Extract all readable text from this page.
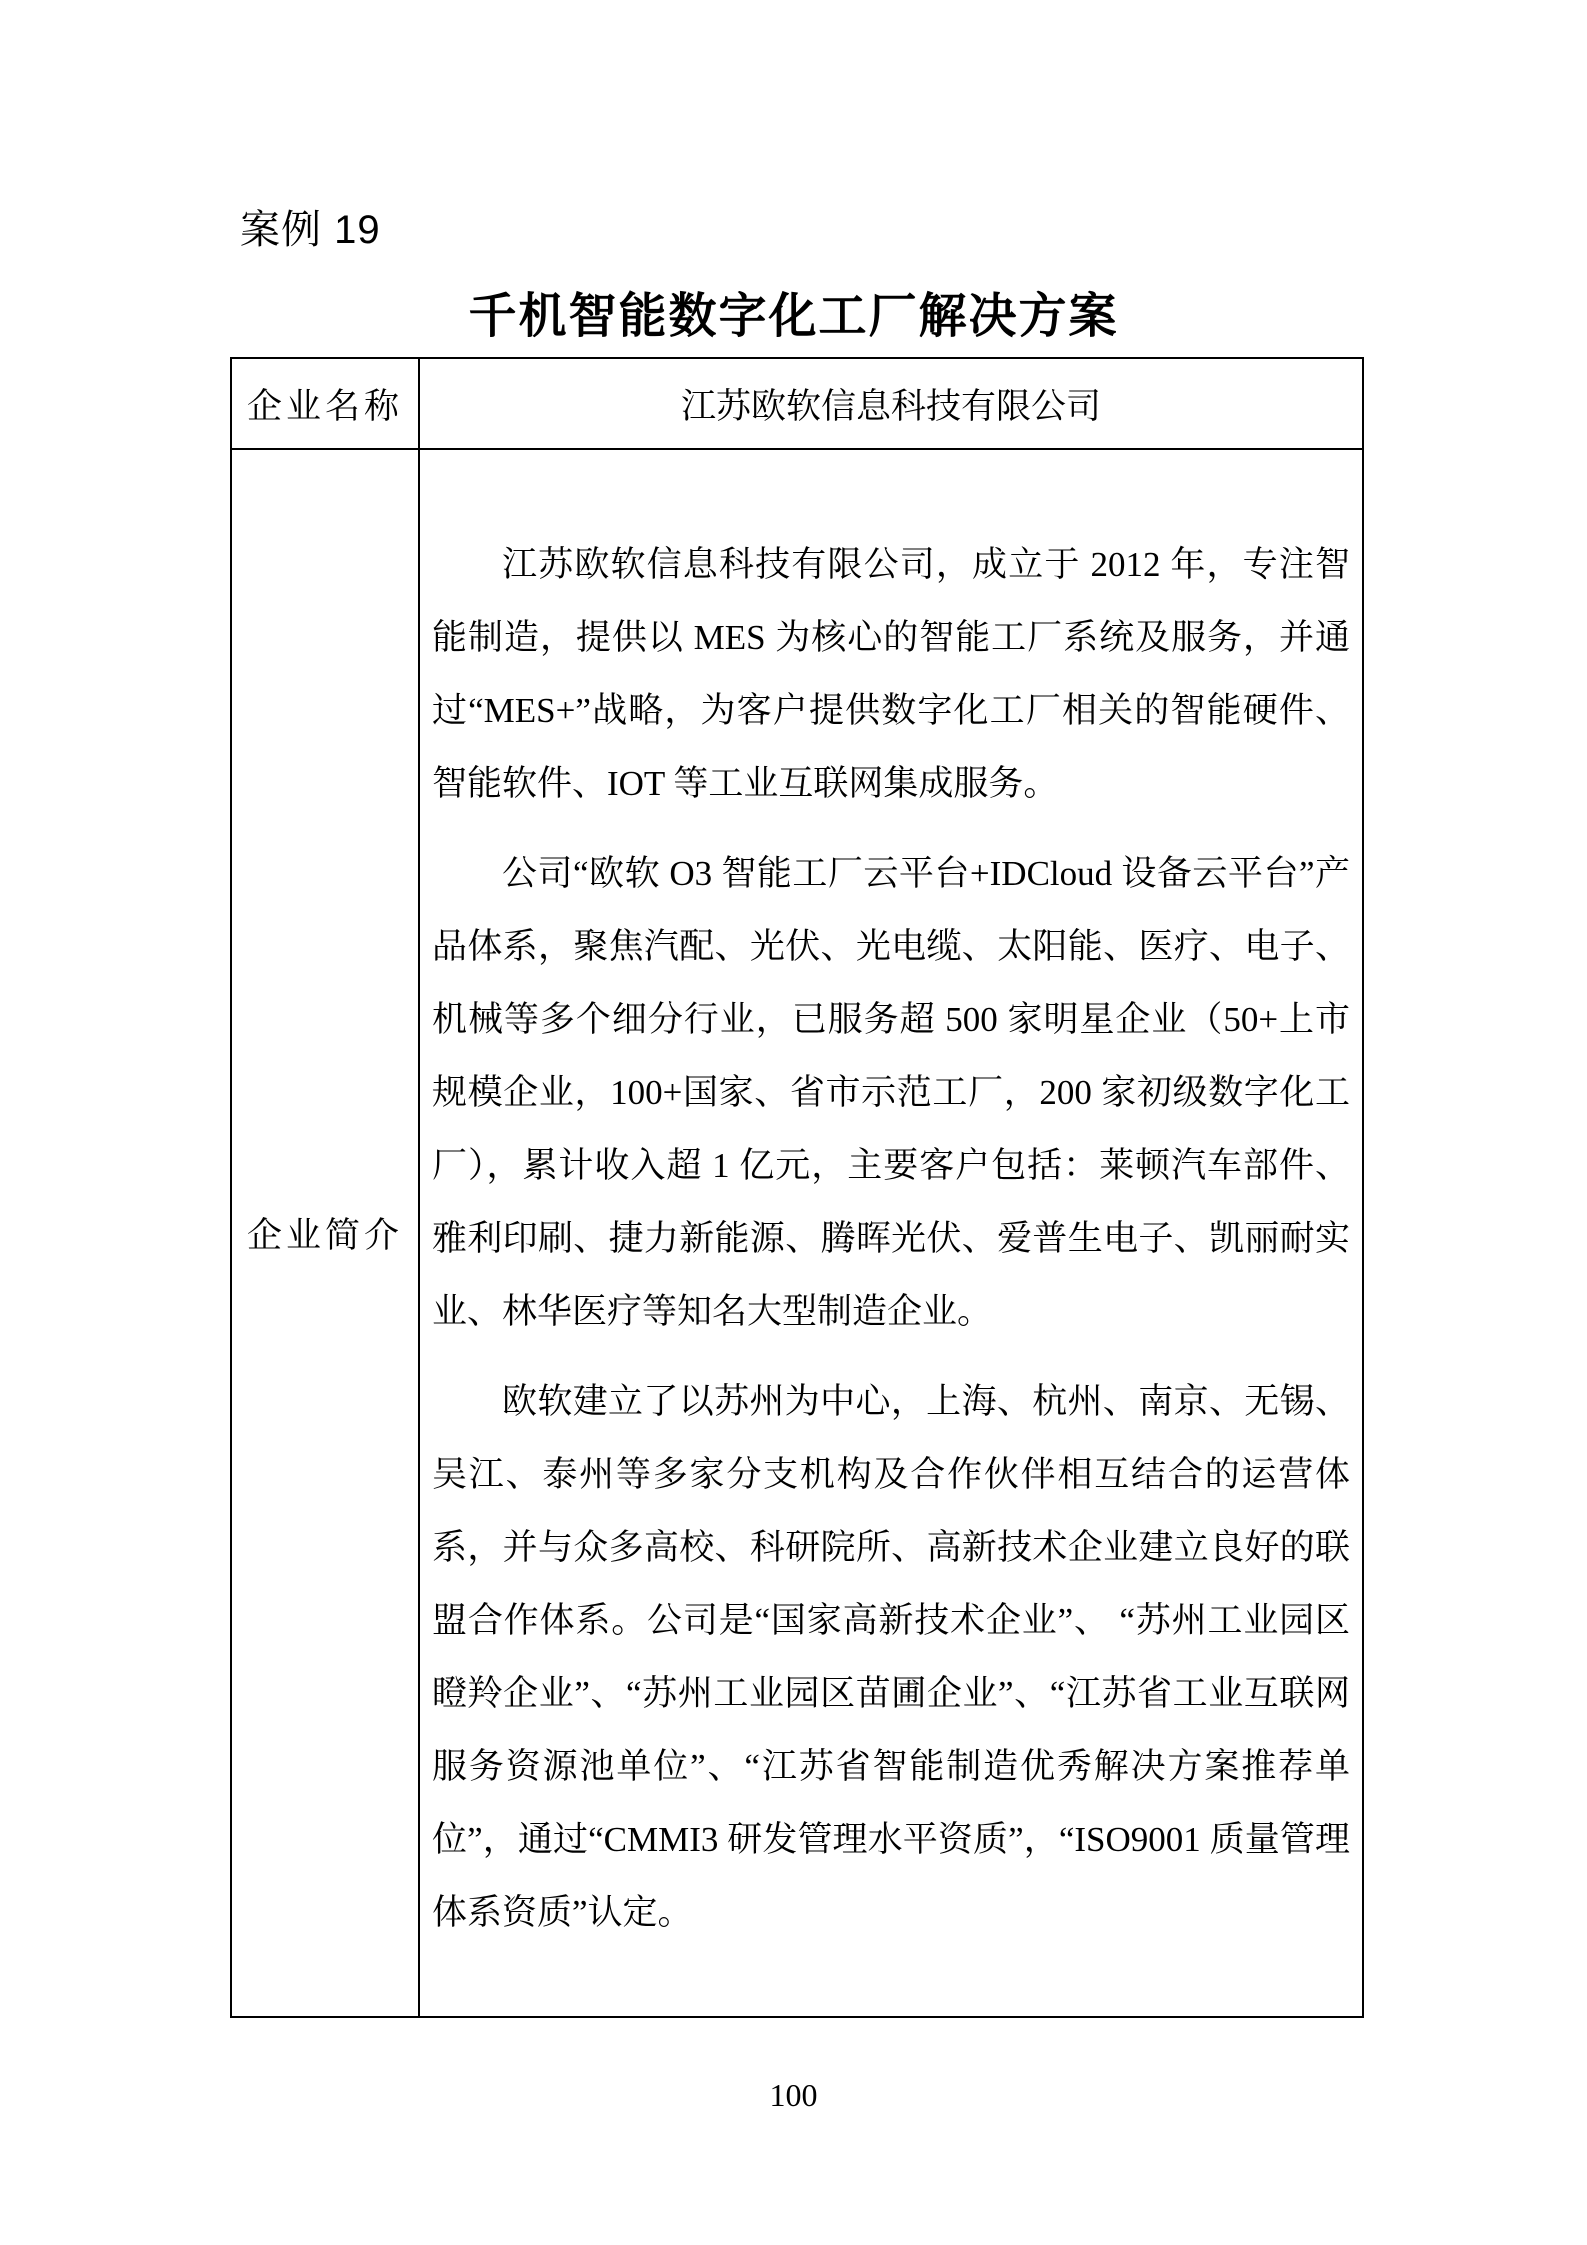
案例 19
千机智能数字化工厂解决方案
企业名称	江苏欧软信息科技有限公司
企业简介	江苏欧软信息科技有限公司，成立于 2012 年，专注智能制造，提供以 MES 为核心的智能工厂系统及服务，并通过“MES+”战略，为客户提供数字化工厂相关的智能硬件、智能软件、IOT 等工业互联网集成服务。

公司“欧软 O3 智能工厂云平台+IDCloud 设备云平台”产品体系，聚焦汽配、光伏、光电缆、太阳能、医疗、电子、机械等多个细分行业，已服务超 500 家明星企业（50+上市规模企业，100+国家、省市示范工厂，200 家初级数字化工厂），累计收入超 1 亿元，主要客户包括：莱顿汽车部件、雅利印刷、捷力新能源、腾晖光伏、爱普生电子、凯丽耐实业、林华医疗等知名大型制造企业。

欧软建立了以苏州为中心，上海、杭州、南京、无锡、吴江、泰州等多家分支机构及合作伙伴相互结合的运营体系，并与众多高校、科研院所、高新技术企业建立良好的联盟合作体系。公司是“国家高新技术企业”、 “苏州工业园区瞪羚企业”、“苏州工业园区苗圃企业”、“江苏省工业互联网服务资源池单位”、“江苏省智能制造优秀解决方案推荐单位”，通过“CMMI3 研发管理水平资质”，“ISO9001 质量管理体系资质”认定。

100
